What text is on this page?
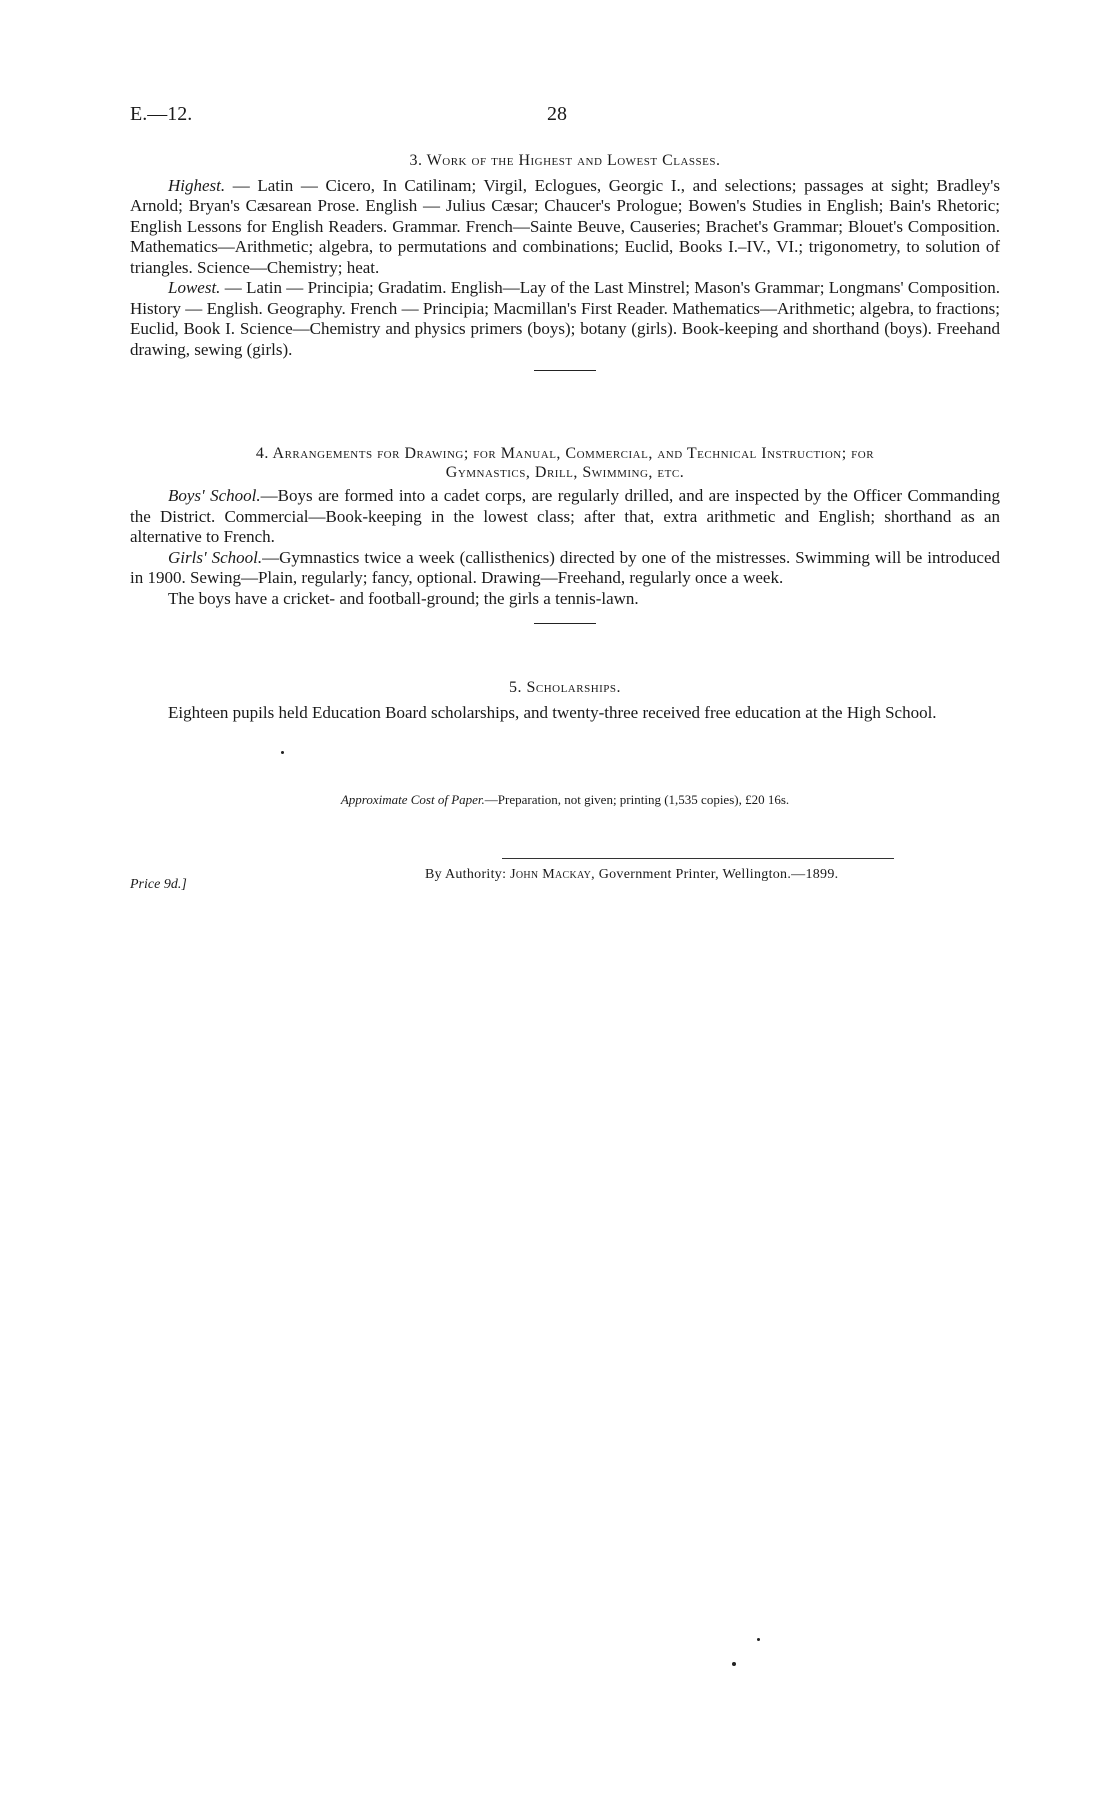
E.—12.	28
3. Work of the Highest and Lowest Classes.

Highest. — Latin — Cicero, In Catilinam; Virgil, Eclogues, Georgic I., and selections; passages at sight; Bradley's Arnold; Bryan's Cæsarean Prose. English — Julius Cæsar; Chaucer's Prologue; Bowen's Studies in English; Bain's Rhetoric; English Lessons for English Readers. Grammar. French—Sainte Beuve, Causeries; Brachet's Grammar; Blouet's Composition. Mathematics—Arithmetic; algebra, to permutations and combinations; Euclid, Books I.–IV., VI.; trigonometry, to solution of triangles. Science—Chemistry; heat.

Lowest. — Latin — Principia; Gradatim. English—Lay of the Last Minstrel; Mason's Grammar; Longmans' Composition. History — English. Geography. French — Principia; Macmillan's First Reader. Mathematics—Arithmetic; algebra, to fractions; Euclid, Book I. Science—Chemistry and physics primers (boys); botany (girls). Book-keeping and shorthand (boys). Freehand drawing, sewing (girls).

4. Arrangements for Drawing; for Manual, Commercial, and Technical Instruction; for
Gymnastics, Drill, Swimming, etc.

Boys' School.—Boys are formed into a cadet corps, are regularly drilled, and are inspected by the Officer Commanding the District. Commercial—Book-keeping in the lowest class; after that, extra arithmetic and English; shorthand as an alternative to French.

Girls' School.—Gymnastics twice a week (callisthenics) directed by one of the mistresses. Swimming will be introduced in 1900. Sewing—Plain, regularly; fancy, optional. Drawing—Freehand, regularly once a week.

The boys have a cricket- and football-ground; the girls a tennis-lawn.

5. Scholarships.

Eighteen pupils held Education Board scholarships, and twenty-three received free education at the High School.

Approximate Cost of Paper.—Preparation, not given; printing (1,535 copies), £20 16s.
By Authority: John Mackay, Government Printer, Wellington.—1899.
Price 9d.]
